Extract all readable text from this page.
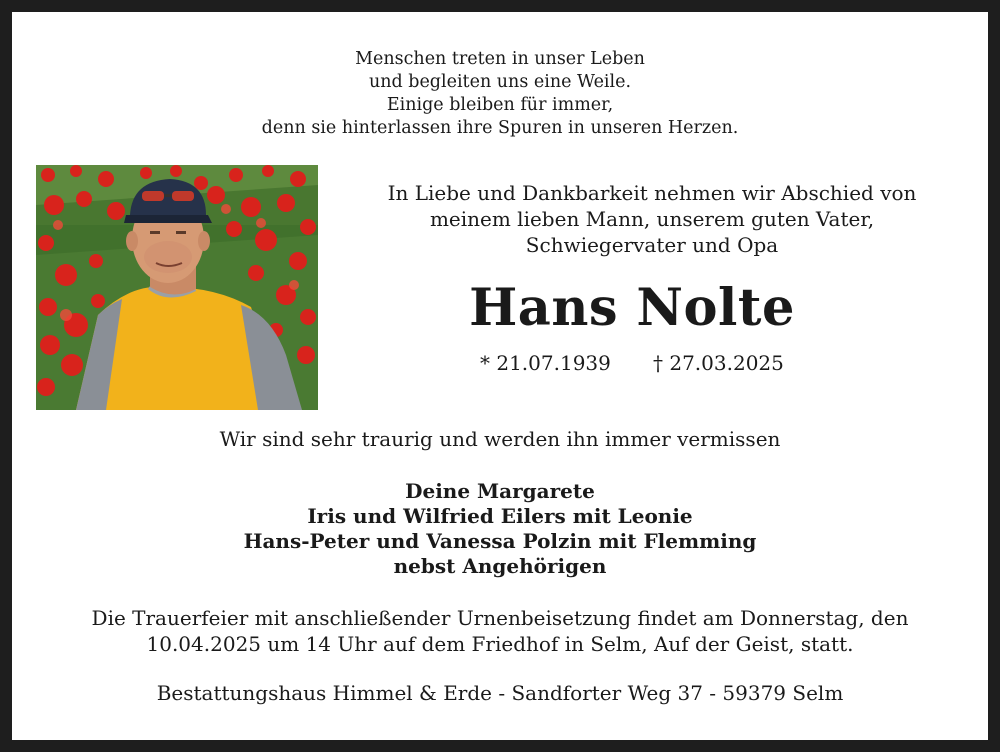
Menschen treten in unser Leben
und begleiten uns eine Weile.
Einige bleiben für immer,
denn sie hinterlassen ihre Spuren in unseren Herzen.
In Liebe und Dankbarkeit nehmen wir Abschied von
meinem lieben Mann, unserem guten Vater,
Schwiegervater und Opa
Hans Nolte
* 21.07.1939 † 27.03.2025
Wir sind sehr traurig und werden ihn immer vermissen
Deine Margarete
Iris und Wilfried Eilers mit Leonie
Hans-Peter und Vanessa Polzin mit Flemming
nebst Angehörigen
Die Trauerfeier mit anschließender Urnenbeisetzung findet am Donnerstag, den
10.04.2025 um 14 Uhr auf dem Friedhof in Selm, Auf der Geist, statt.
Bestattungshaus Himmel & Erde - Sandforter Weg 37 - 59379 Selm
